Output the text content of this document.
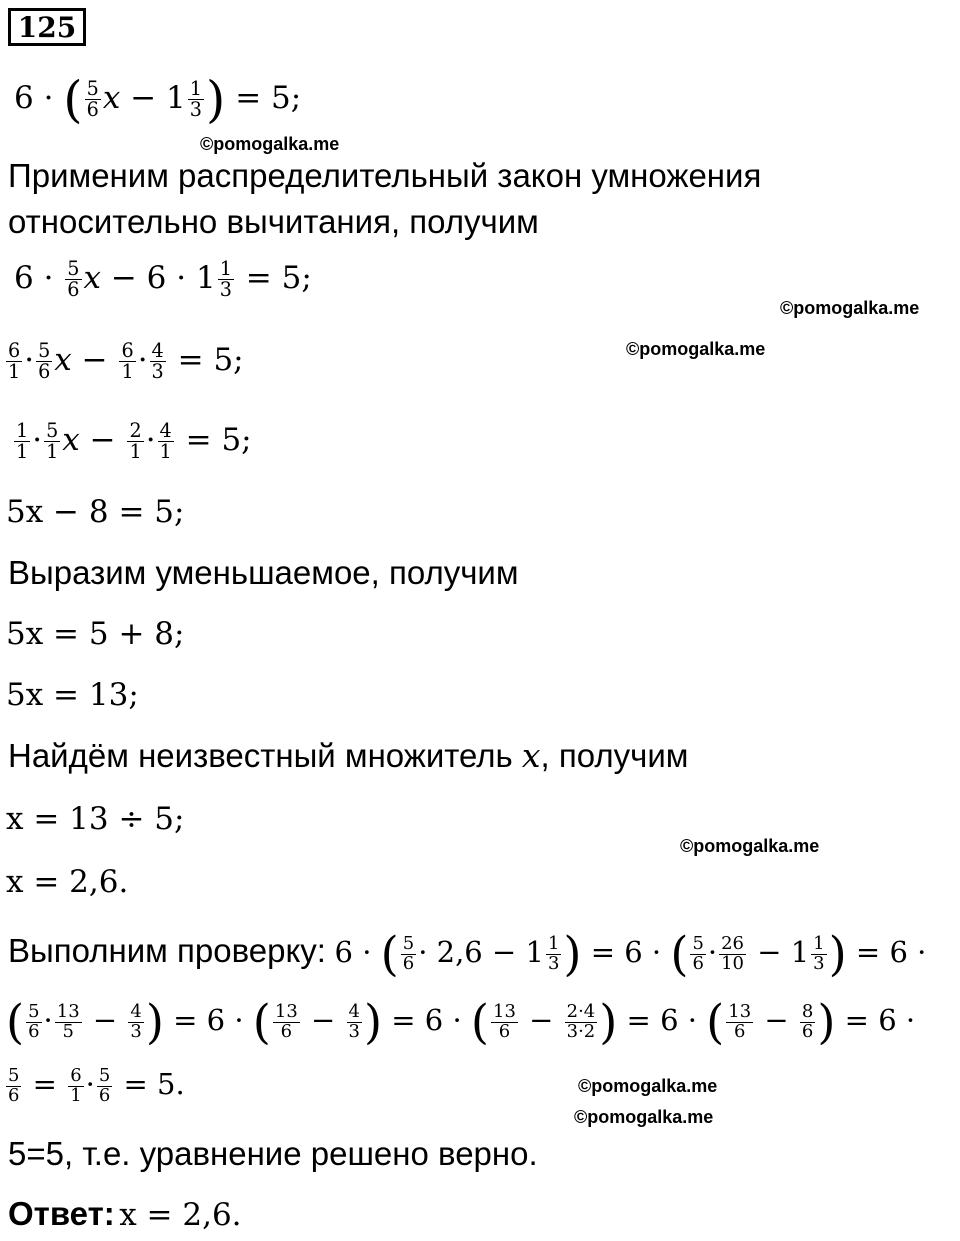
125
6 · ( $\frac{5}{6}$ $x - 1 \frac{1}{3}$ ) = 5;
©pomogalka.me
Применим распределительный закон умножения
относительно вычитания, получим
$6 \cdot \frac{5}{6}$ $x - 6 \cdot 1 \frac{1}{3} = 5$;
©pomogalka.me
$\frac{6}{1} \cdot \frac{5}{6}$ $x - \frac{6}{1} \cdot \frac{4}{3} = 5$;	©pomogalka.me
$\frac{1}{1} \cdot \frac{5}{1}$ $x - \frac{2}{1} \cdot \frac{4}{1} = 5$;
5x − 8 = 5;
Выразим уменьшаемое, получим
5x = 5 + 8;
5x = 13;
Найдём неизвестный множитель x, получим
x = 13 ÷ 5;
©pomogalka.me
x = 2,6.
Выполним проверку: 6 · ( $\frac{5}{6} \cdot 2,6 - 1 \frac{1}{3}$ ) = 6 · ( $\frac{5}{6} \cdot \frac{26}{10} - 1 \frac{1}{3}$ ) = 6 ·
( $\frac{5}{6} \cdot \frac{13}{5} - \frac{4}{3}$ ) = 6 · ( $\frac{13}{6} - \frac{4}{3}$ ) = 6 · ( $\frac{13}{6} - \frac{2\cdot 4}{3\cdot 2}$ ) = 6 · ( $\frac{13}{6} - \frac{8}{6}$ ) = 6 ·
$\frac{5}{6} = \frac{6}{1} \cdot \frac{5}{6} = 5$.	©pomogalka.me
©pomogalka.me
5=5, т.е. уравнение решено верно.
Ответ: x = 2,6.
